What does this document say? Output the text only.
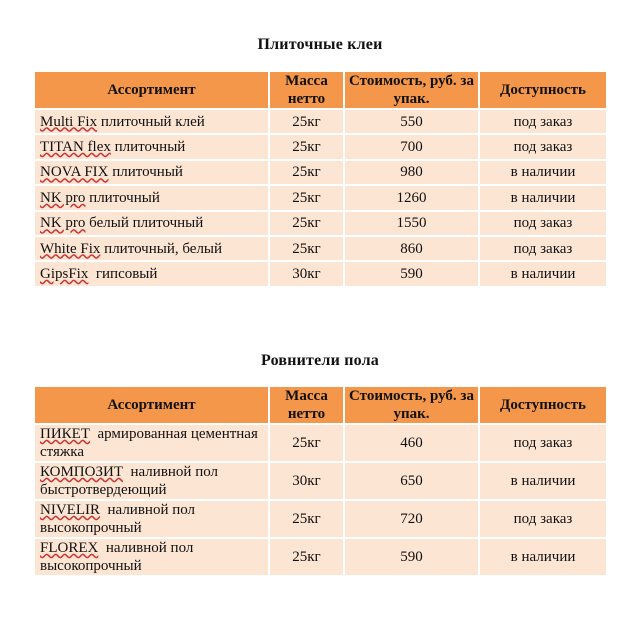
Плиточные клеи
Ассортимент	Масса нетто	Стоимость, руб. за упак.	Доступность
Multi Fix плиточный клей	25кг	550	под заказ
TITAN flex плиточный	25кг	700	под заказ
NOVA FIX плиточный	25кг	980	в наличии
NK pro плиточный	25кг	1260	в наличии
NK pro белый плиточный	25кг	1550	под заказ
White Fix плиточный, белый	25кг	860	под заказ
GipsFix  гипсовый	30кг	590	в наличии
Ровнители пола
Ассортимент	Масса нетто	Стоимость, руб. за упак.	Доступность
ПИКЕТ  армированная цементная стяжка	25кг	460	под заказ
КОМПОЗИТ  наливной пол быстротвердеющий	30кг	650	в наличии
NIVELIR  наливной пол высокопрочный	25кг	720	под заказ
FLOREX  наливной пол высокопрочный	25кг	590	в наличии
